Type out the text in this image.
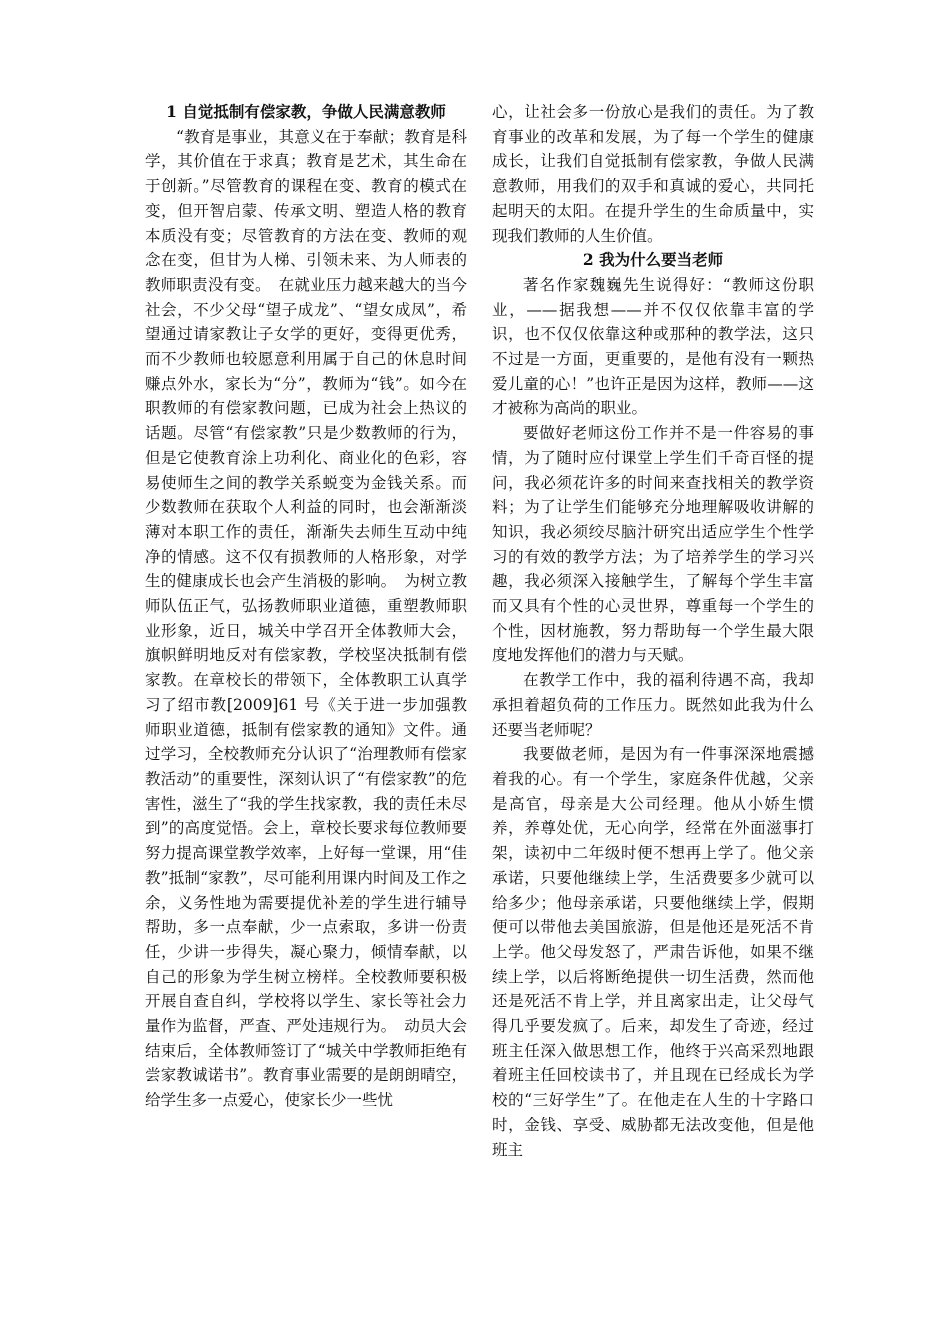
1 自觉抵制有偿家教，争做人民满意教师

“教育是事业，其意义在于奉献；教育是科学，其价值在于求真；教育是艺术，其生命在于创新。”尽管教育的课程在变、教育的模式在变，但开智启蒙、传承文明、塑造人格的教育本质没有变；尽管教育的方法在变、教师的观念在变，但甘为人梯、引领未来、为人师表的教师职责没有变。　在就业压力越来越大的当今社会，不少父母“望子成龙”、“望女成凤”，希望通过请家教让子女学的更好，变得更优秀，而不少教师也较愿意利用属于自己的休息时间赚点外水，家长为“分”，教师为“钱”。如今在职教师的有偿家教问题，已成为社会上热议的话题。尽管“有偿家教”只是少数教师的行为，但是它使教育涂上功利化、商业化的色彩，容易使师生之间的教学关系蜕变为金钱关系。而少数教师在获取个人利益的同时，也会渐渐淡薄对本职工作的责任，渐渐失去师生互动中纯净的情感。这不仅有损教师的人格形象，对学生的健康成长也会产生消极的影响。　为树立教师队伍正气，弘扬教师职业道德，重塑教师职业形象，近日，城关中学召开全体教师大会，旗帜鲜明地反对有偿家教，学校坚决抵制有偿家教。在章校长的带领下，全体教职工认真学习了绍市教[2009]61 号《关于进一步加强教师职业道德，抵制有偿家教的通知》文件。通过学习，全校教师充分认识了“治理教师有偿家教活动”的重要性，深刻认识了“有偿家教”的危害性，滋生了“我的学生找家教，我的责任未尽到”的高度觉悟。会上，章校长要求每位教师要努力提高课堂教学效率，上好每一堂课，用“佳教”抵制“家教”，尽可能利用课内时间及工作之余，义务性地为需要提优补差的学生进行辅导帮助，多一点奉献，少一点索取，多讲一份责任，少讲一步得失，凝心聚力，倾情奉献，以自己的形象为学生树立榜样。全校教师要积极开展自查自纠，学校将以学生、家长等社会力量作为监督，严查、严处违规行为。　动员大会结束后，全体教师签订了“城关中学教师拒绝有尝家教诚诺书”。教育事业需要的是朗朗晴空，给学生多一点爱心，使家长少一些忧

心，让社会多一份放心是我们的责任。为了教育事业的改革和发展，为了每一个学生的健康成长，让我们自觉抵制有偿家教，争做人民满意教师，用我们的双手和真诚的爱心，共同托起明天的太阳。在提升学生的生命质量中，实现我们教师的人生价值。

2 我为什么要当老师

著名作家魏巍先生说得好：“教师这份职业，——据我想——并不仅仅依靠丰富的学识，也不仅仅依靠这种或那种的教学法，这只不过是一方面，更重要的，是他有没有一颗热爱儿童的心！”也许正是因为这样，教师——这才被称为高尚的职业。

要做好老师这份工作并不是一件容易的事情，为了随时应付课堂上学生们千奇百怪的提问，我必须花许多的时间来查找相关的教学资料；为了让学生们能够充分地理解吸收讲解的知识，我必须绞尽脑汁研究出适应学生个性学习的有效的教学方法；为了培养学生的学习兴趣，我必须深入接触学生，了解每个学生丰富而又具有个性的心灵世界，尊重每一个学生的个性，因材施教，努力帮助每一个学生最大限度地发挥他们的潜力与天赋。

在教学工作中，我的福利待遇不高，我却承担着超负荷的工作压力。既然如此我为什么还要当老师呢？

我要做老师，是因为有一件事深深地震撼着我的心。有一个学生，家庭条件优越，父亲是高官，母亲是大公司经理。他从小娇生惯养，养尊处优，无心向学，经常在外面滋事打架，读初中二年级时便不想再上学了。他父亲承诺，只要他继续上学，生活费要多少就可以给多少；他母亲承诺，只要他继续上学，假期便可以带他去美国旅游，但是他还是死活不肯上学。他父母发怒了，严肃告诉他，如果不继续上学，以后将断绝提供一切生活费，然而他还是死活不肯上学，并且离家出走，让父母气得几乎要发疯了。后来，却发生了奇迹，经过班主任深入做思想工作，他终于兴高采烈地跟着班主任回校读书了，并且现在已经成长为学校的“三好学生”了。在他走在人生的十字路口时，金钱、享受、威胁都无法改变他，但是他班主
